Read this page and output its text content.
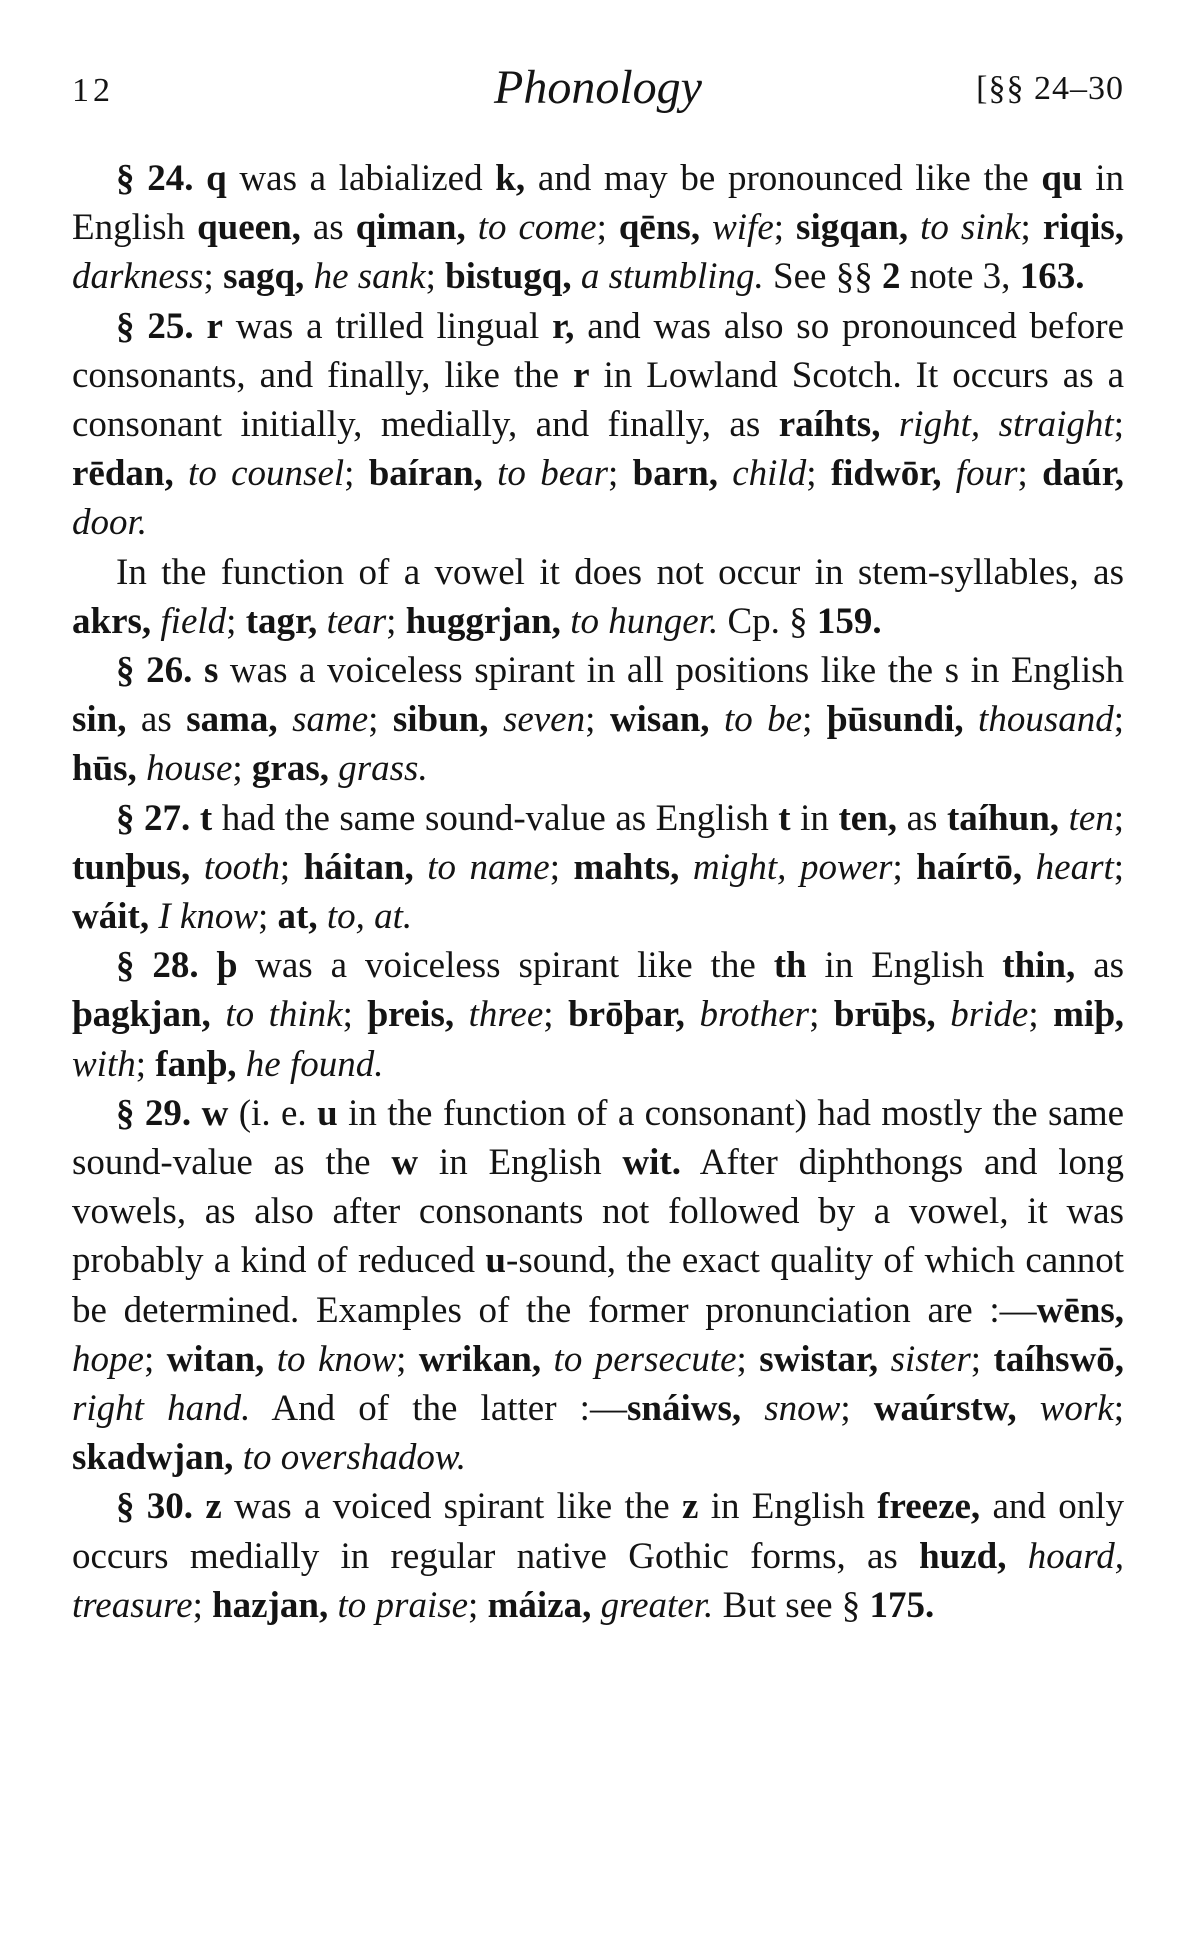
12	Phonology	[§§ 24–30

§ 24. q was a labialized k, and may be pronounced like the qu in English queen, as qiman, to come; qēns, wife; sigqan, to sink; riqis, darkness; sagq, he sank; bistugq, a stumbling. See §§ 2 note 3, 163.

§ 25. r was a trilled lingual r, and was also so pronounced before consonants, and finally, like the r in Lowland Scotch. It occurs as a consonant initially, medially, and finally, as raíhts, right, straight; rēdan, to counsel; baíran, to bear; barn, child; fidwōr, four; daúr, door.

In the function of a vowel it does not occur in stem-syllables, as akrs, field; tagr, tear; huggrjan, to hunger. Cp. § 159.

§ 26. s was a voiceless spirant in all positions like the s in English sin, as sama, same; sibun, seven; wisan, to be; þūsundi, thousand; hūs, house; gras, grass.

§ 27. t had the same sound-value as English t in ten, as taíhun, ten; tunþus, tooth; háitan, to name; mahts, might, power; haírtō, heart; wáit, I know; at, to, at.

§ 28. þ was a voiceless spirant like the th in English thin, as þagkjan, to think; þreis, three; brōþar, brother; brūþs, bride; miþ, with; fanþ, he found.

§ 29. w (i. e. u in the function of a consonant) had mostly the same sound-value as the w in English wit. After diphthongs and long vowels, as also after consonants not followed by a vowel, it was probably a kind of reduced u-sound, the exact quality of which cannot be determined. Examples of the former pronunciation are :—wēns, hope; witan, to know; wrikan, to persecute; swistar, sister; taíhswō, right hand. And of the latter :—snáiws, snow; waúrstw, work; skadwjan, to overshadow.

§ 30. z was a voiced spirant like the z in English freeze, and only occurs medially in regular native Gothic forms, as huzd, hoard, treasure; hazjan, to praise; máiza, greater. But see § 175.
